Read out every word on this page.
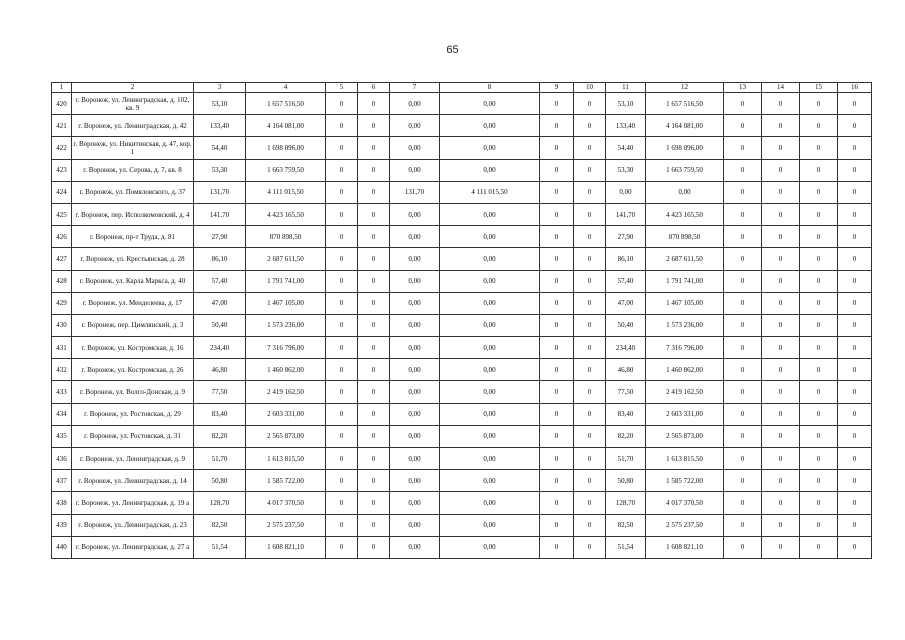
65
1	2	3	4	5	6	7	8	9	10	11	12	13	14	15	16
420	г. Воронеж, ул. Ленинградская, д. 102, кв. 9	53,10	1 657 516,50	0	0	0,00	0,00	0	0	53,10	1 657 516,50	0	0	0	0
421	г. Воронеж, ул. Ленинградская, д. 42	133,40	4 164 081,00	0	0	0,00	0,00	0	0	133,40	4 164 081,00	0	0	0	0
422	г. Воронеж, ул. Никитинская, д. 47, кор. 1	54,40	1 698 096,00	0	0	0,00	0,00	0	0	54,40	1 698 096,00	0	0	0	0
423	г. Воронеж, ул. Серова, д. 7, кв. 8	53,30	1 663 759,50	0	0	0,00	0,00	0	0	53,30	1 663 759,50	0	0	0	0
424	г. Воронеж, ул. Помяловского, д. 37	131,70	4 111 015,50	0	0	131,70	4 111 015,50	0	0	0,00	0,00	0	0	0	0
425	г. Воронеж, пер. Исполкомовский, д. 4	141,70	4 423 165,50	0	0	0,00	0,00	0	0	141,70	4 423 165,50	0	0	0	0
426	г. Воронеж, пр-т Труда, д. 81	27,90	870 898,50	0	0	0,00	0,00	0	0	27,90	870 898,50	0	0	0	0
427	г. Воронеж, ул. Крестьянская, д. 28	86,10	2 687 611,50	0	0	0,00	0,00	0	0	86,10	2 687 611,50	0	0	0	0
428	г. Воронеж, ул. Карла Маркса, д. 40	57,40	1 791 741,00	0	0	0,00	0,00	0	0	57,40	1 791 741,00	0	0	0	0
429	г. Воронеж, ул. Менделеева, д. 17	47,00	1 467 105,00	0	0	0,00	0,00	0	0	47,00	1 467 105,00	0	0	0	0
430	г. Воронеж, пер. Цимлянский, д. 3	50,40	1 573 236,00	0	0	0,00	0,00	0	0	50,40	1 573 236,00	0	0	0	0
431	г. Воронеж, ул. Костромская, д. 16	234,40	7 316 796,00	0	0	0,00	0,00	0	0	234,40	7 316 796,00	0	0	0	0
432	г. Воронеж, ул. Костромская, д. 26	46,80	1 460 862,00	0	0	0,00	0,00	0	0	46,80	1 460 862,00	0	0	0	0
433	г. Воронеж, ул. Волго-Донская, д. 9	77,50	2 419 162,50	0	0	0,00	0,00	0	0	77,50	2 419 162,50	0	0	0	0
434	г. Воронеж, ул. Ростовская, д. 29	83,40	2 603 331,00	0	0	0,00	0,00	0	0	83,40	2 603 331,00	0	0	0	0
435	г. Воронеж, ул. Ростовская, д. 31	82,20	2 565 873,00	0	0	0,00	0,00	0	0	82,20	2 565 873,00	0	0	0	0
436	г. Воронеж, ул. Ленинградская, д. 9	51,70	1 613 815,50	0	0	0,00	0,00	0	0	51,70	1 613 815,50	0	0	0	0
437	г. Воронеж, ул. Ленинградская, д. 14	50,80	1 585 722,00	0	0	0,00	0,00	0	0	50,80	1 585 722,00	0	0	0	0
438	г. Воронеж, ул. Ленинградская, д. 19 а	128,70	4 017 370,50	0	0	0,00	0,00	0	0	128,70	4 017 370,50	0	0	0	0
439	г. Воронеж, ул. Ленинградская, д. 23	82,50	2 575 237,50	0	0	0,00	0,00	0	0	82,50	2 575 237,50	0	0	0	0
440	г. Воронеж, ул. Ленинградская, д. 27 а	51,54	1 608 821,10	0	0	0,00	0,00	0	0	51,54	1 608 821,10	0	0	0	0
